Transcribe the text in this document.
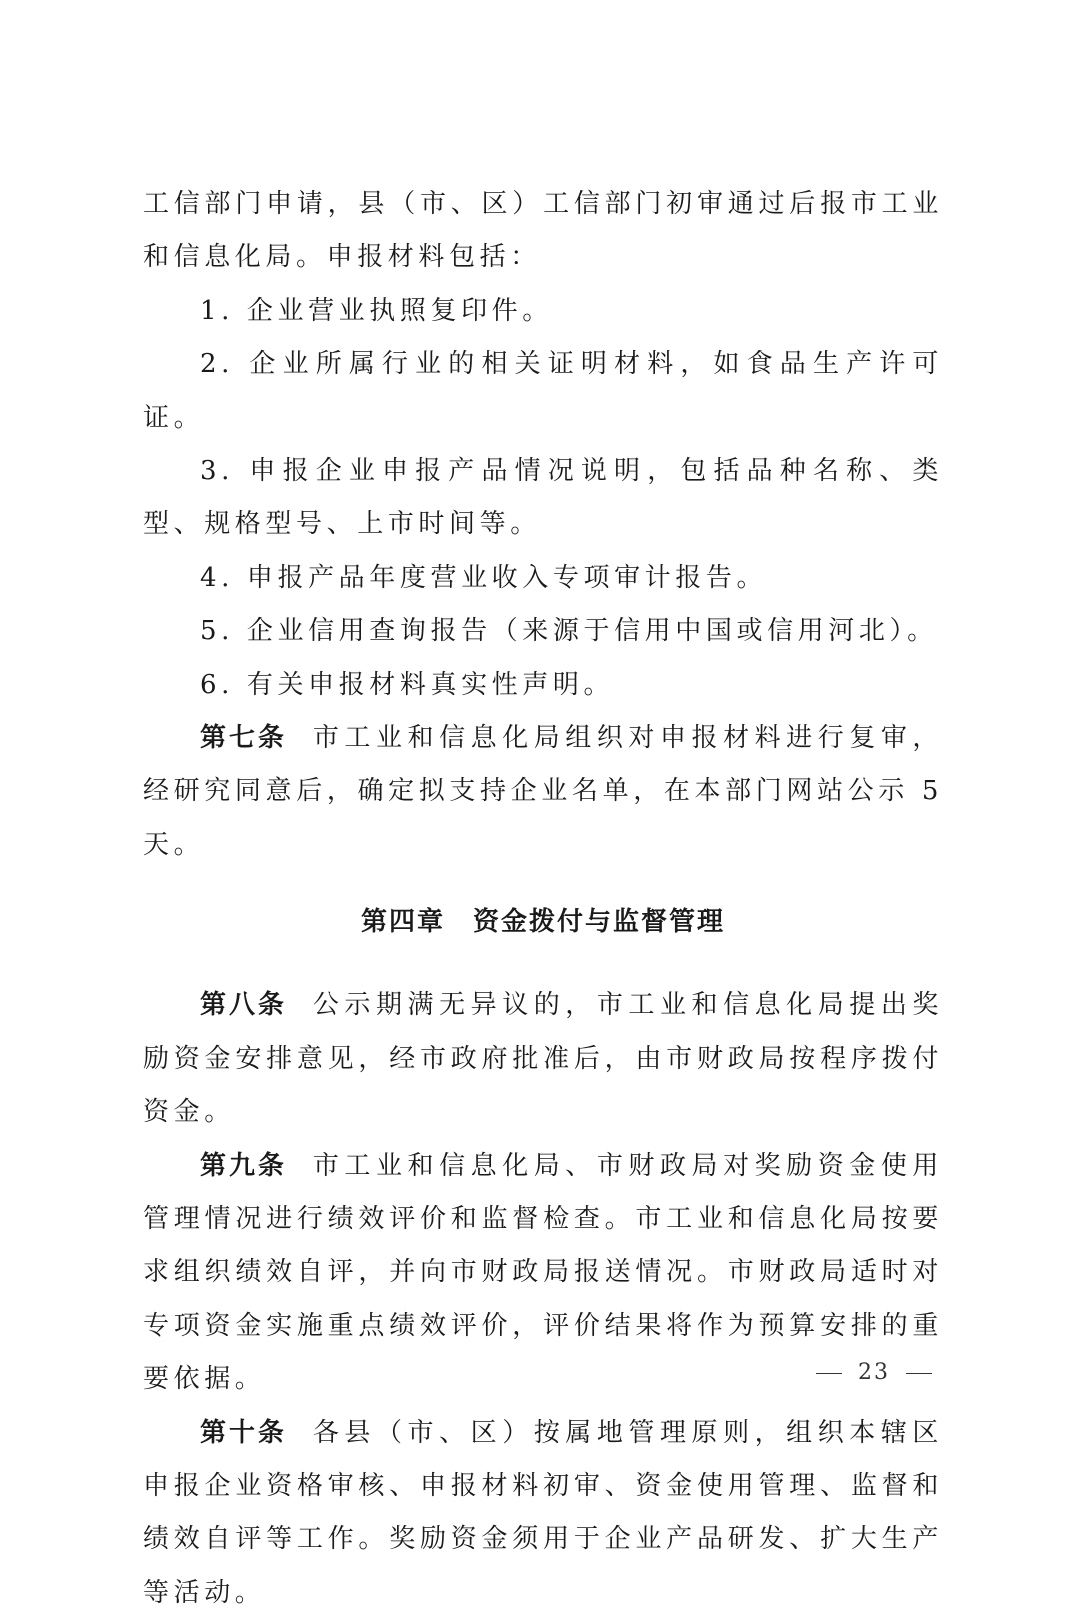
工信部门申请，县（市、区）工信部门初审通过后报市工业和信息化局。申报材料包括：

1. 企业营业执照复印件。

2. 企业所属行业的相关证明材料，如食品生产许可证。

3. 申报企业申报产品情况说明，包括品种名称、类型、规格型号、上市时间等。

4. 申报产品年度营业收入专项审计报告。

5. 企业信用查询报告（来源于信用中国或信用河北）。

6. 有关申报材料真实性声明。

第七条 市工业和信息化局组织对申报材料进行复审，经研究同意后，确定拟支持企业名单，在本部门网站公示 5 天。

第四章 资金拨付与监督管理

第八条 公示期满无异议的，市工业和信息化局提出奖励资金安排意见，经市政府批准后，由市财政局按程序拨付资金。

第九条 市工业和信息化局、市财政局对奖励资金使用管理情况进行绩效评价和监督检查。市工业和信息化局按要求组织绩效自评，并向市财政局报送情况。市财政局适时对专项资金实施重点绩效评价，评价结果将作为预算安排的重要依据。

第十条 各县（市、区）按属地管理原则，组织本辖区申报企业资格审核、申报材料初审、资金使用管理、监督和绩效自评等工作。奖励资金须用于企业产品研发、扩大生产等活动。

23
